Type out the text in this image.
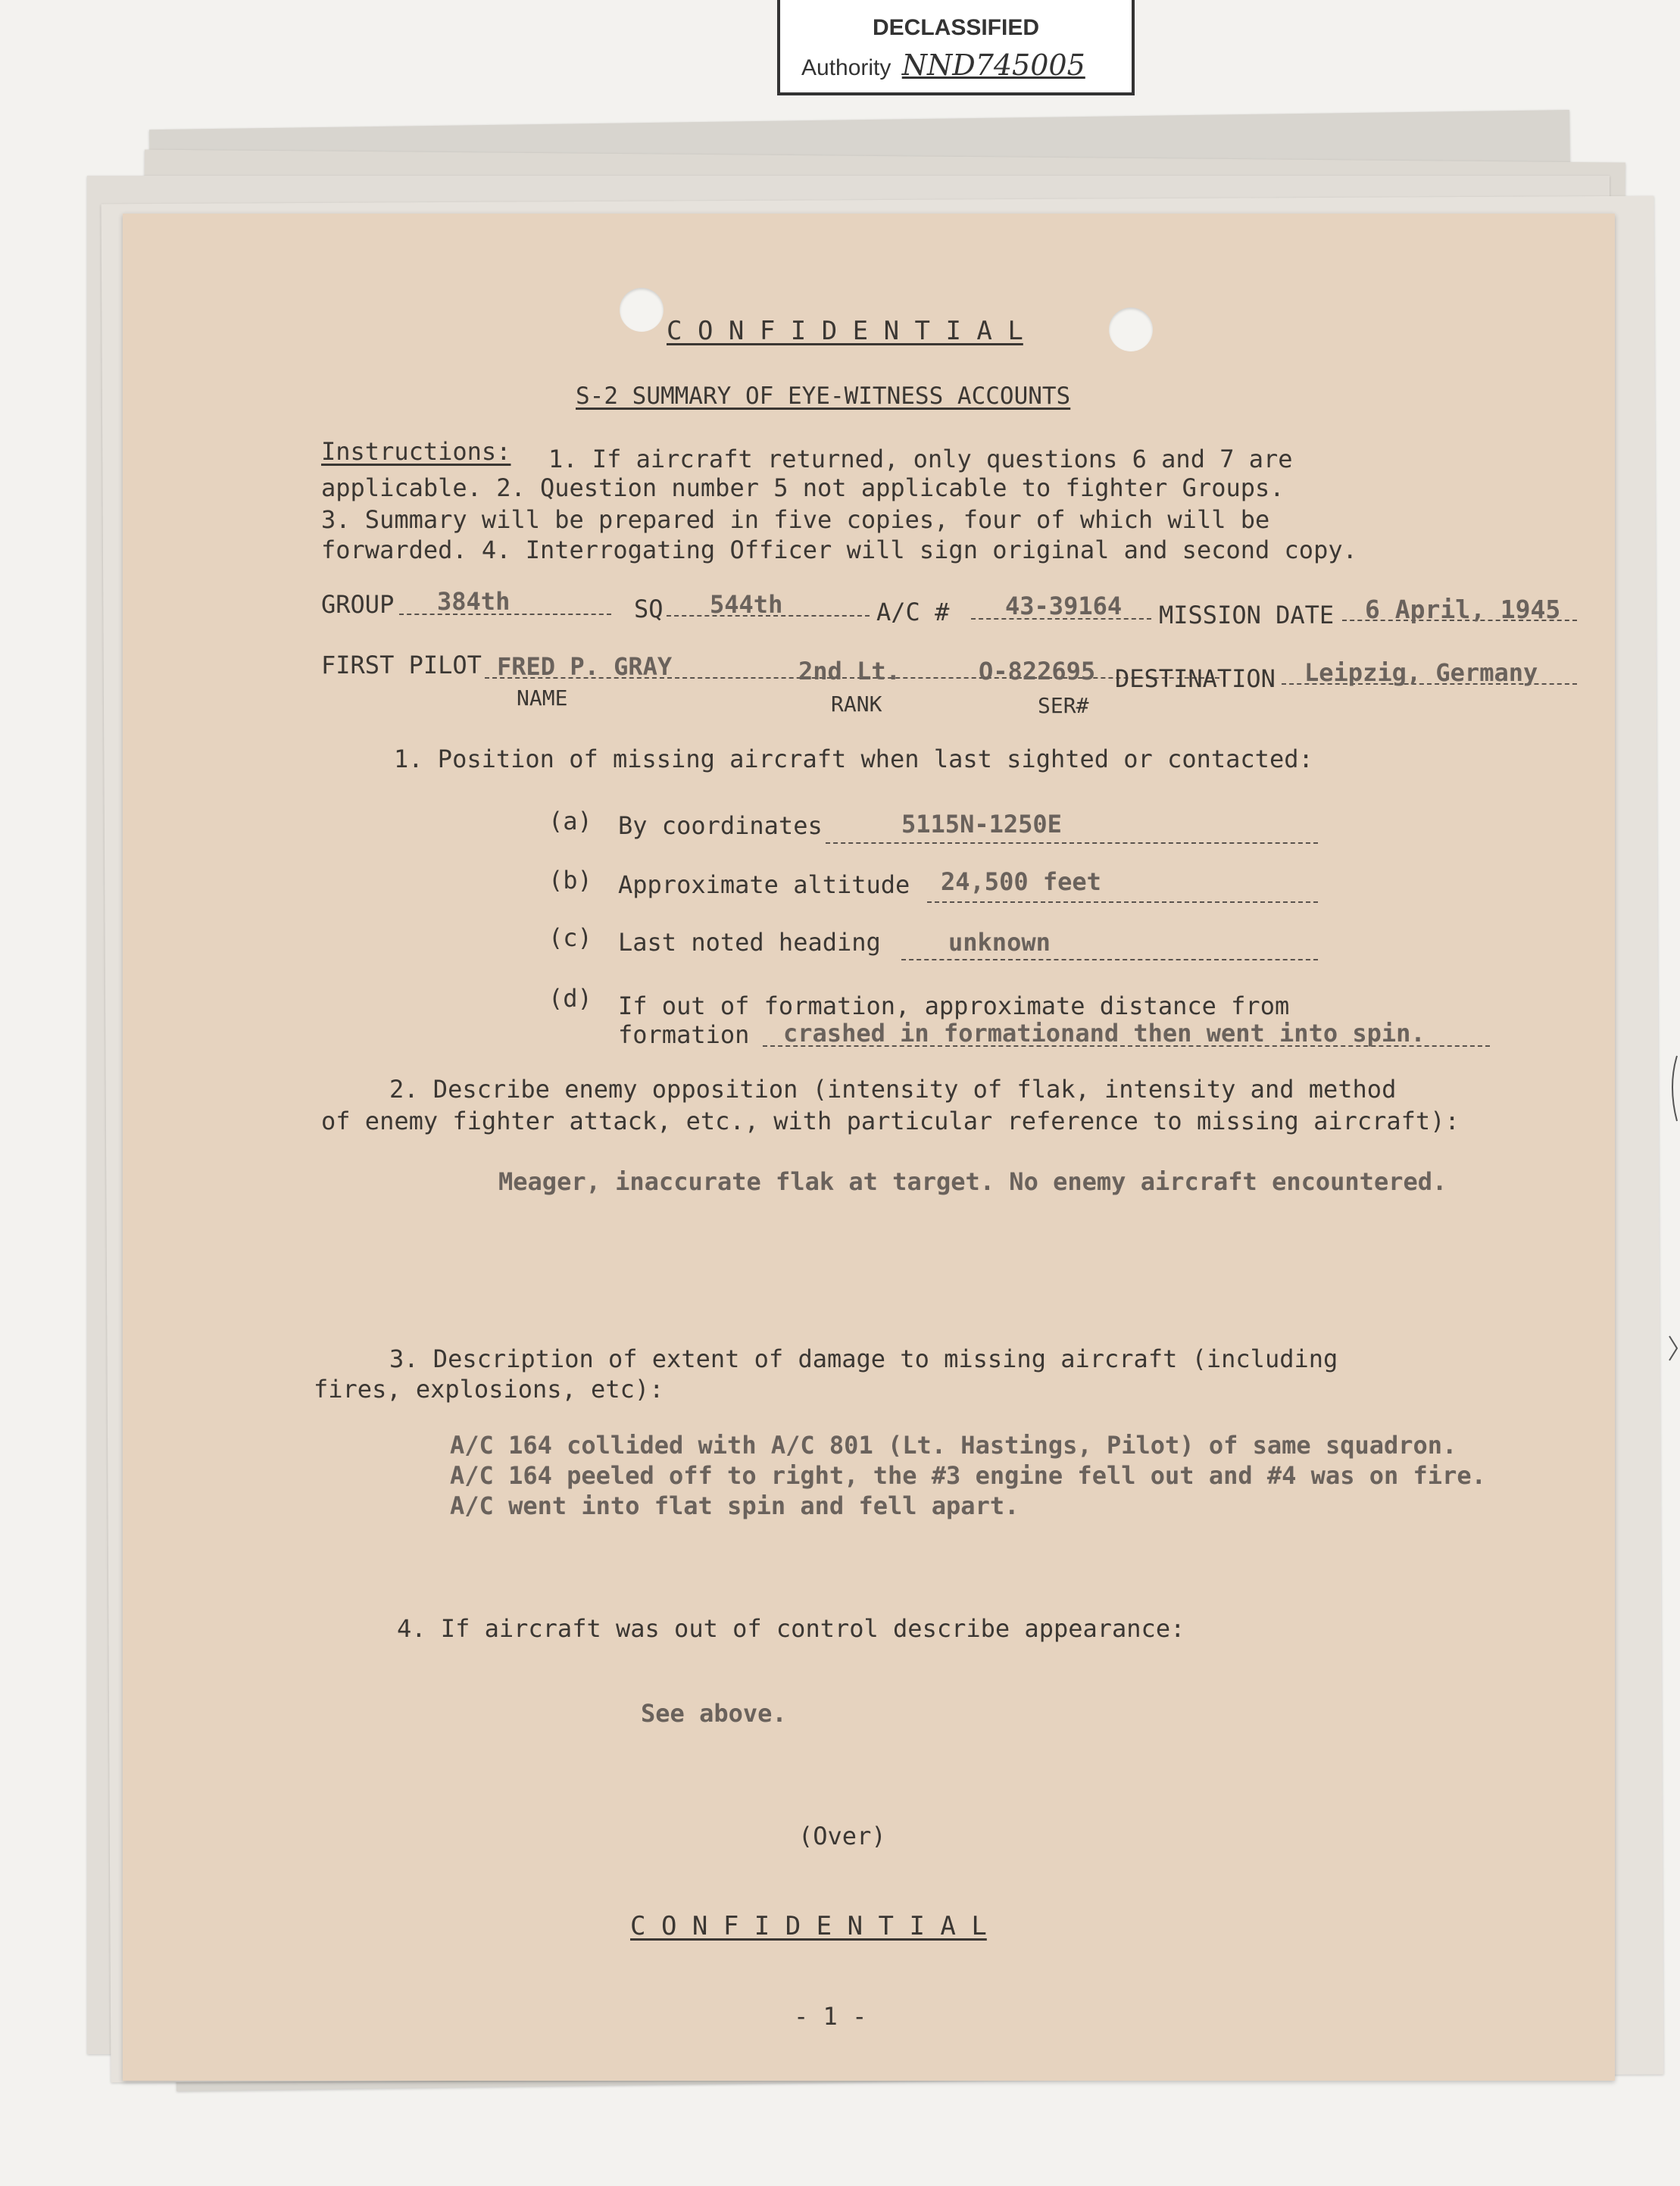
DECLASSIFIED
Authority NND745005
C O N F I D E N T I A L
S-2 SUMMARY OF EYE-WITNESS ACCOUNTS
Instructions: 1. If aircraft returned, only questions 6 and 7 are
applicable. 2. Question number 5 not applicable to fighter Groups.
3. Summary will be prepared in five copies, four of which will be
forwarded. 4. Interrogating Officer will sign original and second copy.
GROUP 384th	SQ 544th	A/C # 43-39164 MISSION DATE 6 April, 1945
FIRST PILOT FRED P. GRAY	2nd Lt.	O-822695 DESTINATION Leipzig, Germany
NAME	RANK	SER#
1. Position of missing aircraft when last sighted or contacted:
(a) By coordinates	5115N-1250E
(b) Approximate altitude 24,500 feet
(c) Last noted heading	unknown
(d) If out of formation, approximate distance from
formation crashed in formationand then went into spin.
2. Describe enemy opposition (intensity of flak, intensity and method
of enemy fighter attack, etc., with particular reference to missing aircraft):
Meager, inaccurate flak at target. No enemy aircraft encountered.
3. Description of extent of damage to missing aircraft (including
fires, explosions, etc):
A/C 164 collided with A/C 801 (Lt. Hastings, Pilot) of same squadron.
A/C 164 peeled off to right, the #3 engine fell out and #4 was on fire.
A/C went into flat spin and fell apart.
4. If aircraft was out of control describe appearance:
See above.
(Over)
C O N F I D E N T I A L
- 1 -
